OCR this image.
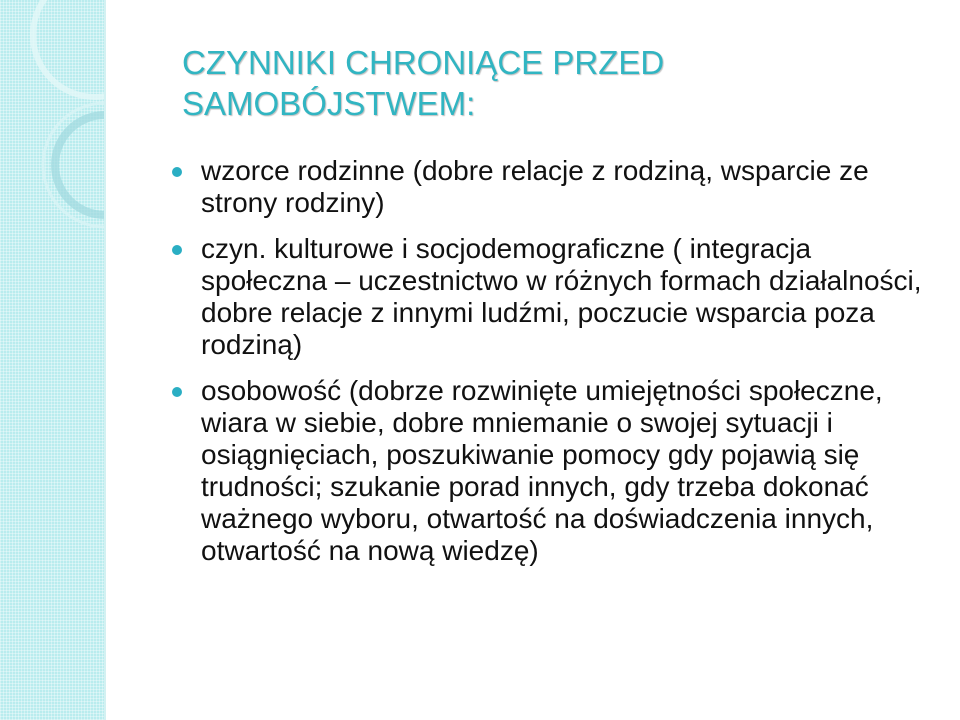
CZYNNIKI CHRONIĄCE PRZED
SAMOBÓJSTWEM:
wzorce rodzinne (dobre relacje z rodziną, wsparcie ze strony rodziny)
czyn. kulturowe i socjodemograficzne ( integracja społeczna – uczestnictwo w różnych formach działalności, dobre relacje z innymi ludźmi, poczucie wsparcia poza rodziną)
osobowość (dobrze rozwinięte umiejętności społeczne, wiara w siebie, dobre mniemanie o swojej sytuacji i osiągnięciach, poszukiwanie pomocy gdy pojawią się trudności; szukanie porad innych, gdy trzeba dokonać ważnego wyboru, otwartość na doświadczenia innych, otwartość na nową wiedzę)
